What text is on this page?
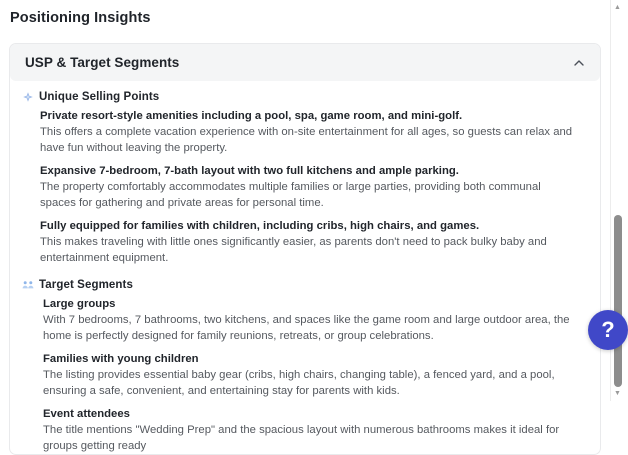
Positioning Insights
USP & Target Segments
Unique Selling Points
Private resort-style amenities including a pool, spa, game room, and mini-golf.
This offers a complete vacation experience with on-site entertainment for all ages, so guests can relax and have fun without leaving the property.
Expansive 7-bedroom, 7-bath layout with two full kitchens and ample parking.
The property comfortably accommodates multiple families or large parties, providing both communal spaces for gathering and private areas for personal time.
Fully equipped for families with children, including cribs, high chairs, and games.
This makes traveling with little ones significantly easier, as parents don't need to pack bulky baby and entertainment equipment.
Target Segments
Large groups
With 7 bedrooms, 7 bathrooms, two kitchens, and spaces like the game room and large outdoor area, the home is perfectly designed for family reunions, retreats, or group celebrations.
Families with young children
The listing provides essential baby gear (cribs, high chairs, changing table), a fenced yard, and a pool, ensuring a safe, convenient, and entertaining stay for parents with kids.
Event attendees
The title mentions "Wedding Prep" and the spacious layout with numerous bathrooms makes it ideal for groups getting ready
▲
▼
?
